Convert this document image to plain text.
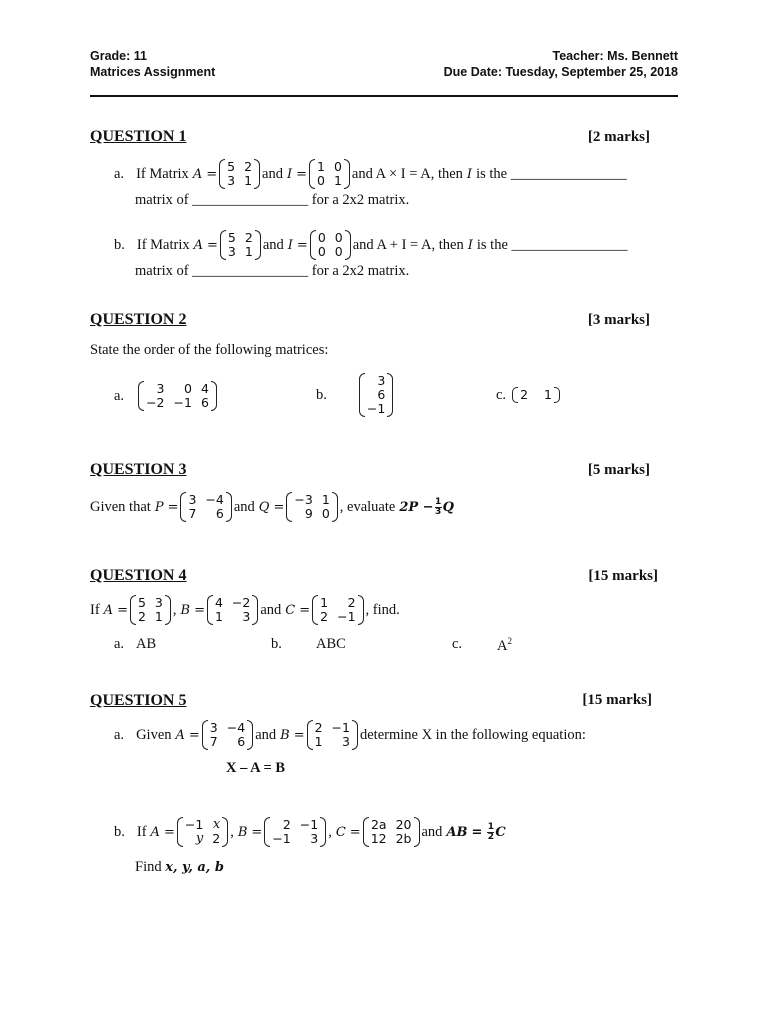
Grade: 11
Matrices Assignment
Teacher: Ms. Bennett
Due Date: Tuesday, September 25, 2018
QUESTION 1	[2 marks]
a. If Matrix A = 5 2
3 1 and I = 1 0
0 1 and A × I = A , then I is the ________________
matrix of ________________ for a 2x2 matrix.
b. If Matrix A = 5 2
3 1 and I = 0 0
0 0 and A + I = A , then I is the ________________
matrix of ________________ for a 2x2 matrix.
QUESTION 2	[3 marks]
State the order of the following matrices:
a.	3	0 4
−2 −1 6	b.
3
6
−1
c. 2 1
QUESTION 3	[5 marks]
Given that P = 3 −4
7	6 and Q = −3 1
9 0 , evaluate $2P - \frac{1}{3}$ Q
QUESTION 4	[15 marks]
If A = 5 3
2 1 , B = 4 −2
1	3 and C = 1	2
2 −1 , find.
a. AB	b. ABC	c. $A^2$
QUESTION 5	[15 marks]
a. Given A = 3 −4
7	6 and B = 2 −1
1	3 determine X in the following equation:
X – A = B
b. If A = −1 x
y 2 , B =	2 −1
−1	3 , C = 2a 20
12 2b and AB = $\frac{1}{2}$ C
Find x, y, a, b
